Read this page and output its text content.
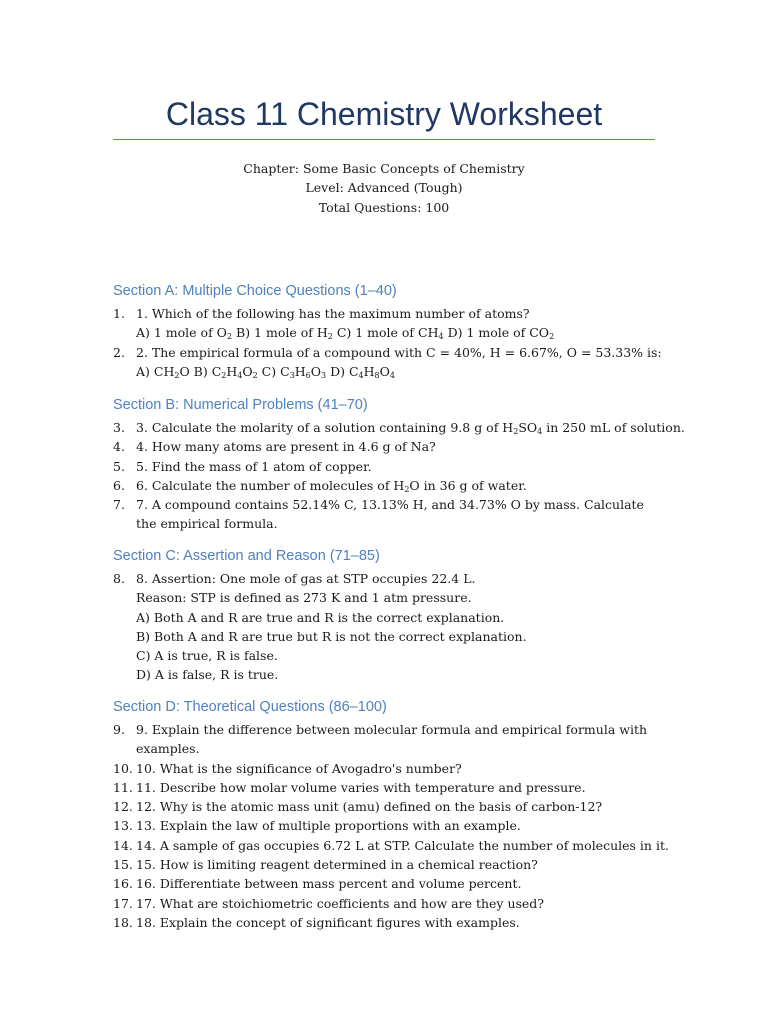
Class 11 Chemistry Worksheet
Chapter: Some Basic Concepts of Chemistry
Level: Advanced (Tough)
Total Questions: 100
Section A: Multiple Choice Questions (1–40)
1. 1. Which of the following has the maximum number of atoms?
A) 1 mole of $O_2$ B) 1 mole of $H_2$ C) 1 mole of $CH_4$ D) 1 mole of $CO_2$
2. 2. The empirical formula of a compound with C = 40%, H = 6.67%, O = 53.33% is:
A) $CH_2O$ B) $C_2H_4O_2$ C) $C_3H_6O_3$ D) $C_4H_8O_4$
Section B: Numerical Problems (41–70)
3. 3. Calculate the molarity of a solution containing 9.8 g of $H_2SO_4$ in 250 mL of solution.
4. 4. How many atoms are present in 4.6 g of Na?
5. 5. Find the mass of 1 atom of copper.
6. 6. Calculate the number of molecules of $H_2O$ in 36 g of water.
7. 7. A compound contains 52.14% C, 13.13% H, and 34.73% O by mass. Calculate the empirical formula.
Section C: Assertion and Reason (71–85)
8. 8. Assertion: One mole of gas at STP occupies 22.4 L.
Reason: STP is defined as 273 K and 1 atm pressure.
A) Both A and R are true and R is the correct explanation.
B) Both A and R are true but R is not the correct explanation.
C) A is true, R is false.
D) A is false, R is true.
Section D: Theoretical Questions (86–100)
9. 9. Explain the difference between molecular formula and empirical formula with examples.
10. 10. What is the significance of Avogadro's number?
11. 11. Describe how molar volume varies with temperature and pressure.
12. 12. Why is the atomic mass unit (amu) defined on the basis of carbon-12?
13. 13. Explain the law of multiple proportions with an example.
14. 14. A sample of gas occupies 6.72 L at STP. Calculate the number of molecules in it.
15. 15. How is limiting reagent determined in a chemical reaction?
16. 16. Differentiate between mass percent and volume percent.
17. 17. What are stoichiometric coefficients and how are they used?
18. 18. Explain the concept of significant figures with examples.
